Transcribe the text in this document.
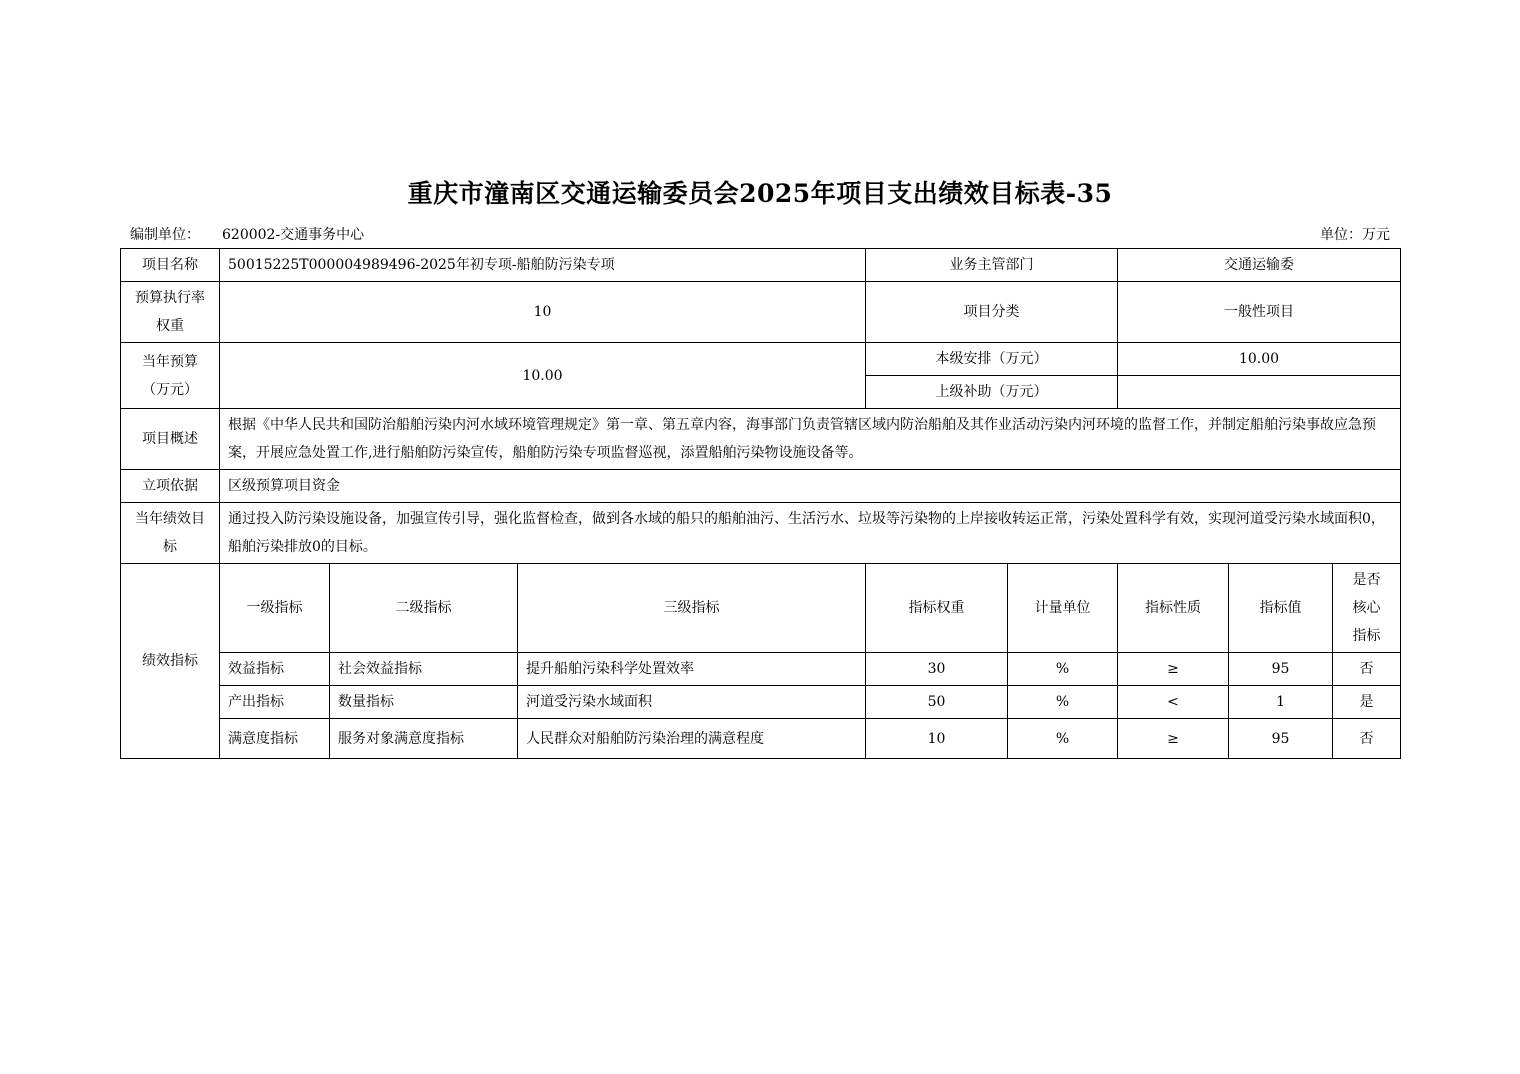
重庆市潼南区交通运输委员会2025年项目支出绩效目标表-35
编制单位： 620002-交通事务中心	单位：万元
项目名称	50015225T000004989496-2025年初专项-船舶防污染专项			业务主管部门		交通运输委		
预算执行率权重	10			项目分类		一般性项目		
当年预算（万元）	10.00			本级安排（万元）		10.00		
				上级补助（万元）				
项目概述	根据《中华人民共和国防治船舶污染内河水域环境管理规定》第一章、第五章内容，海事部门负责管辖区域内防治船舶及其作业活动污染内河环境的监督工作，并制定船舶污染事故应急预案，开展应急处置工作,进行船舶防污染宣传，船舶防污染专项监督巡视，添置船舶污染物设施设备等。							
立项依据	区级预算项目资金							
当年绩效目标	通过投入防污染设施设备，加强宣传引导，强化监督检查，做到各水域的船只的船舶油污、生活污水、垃圾等污染物的上岸接收转运正常，污染处置科学有效，实现河道受污染水域面积0，船舶污染排放0的目标。							
绩效指标	一级指标	二级指标	三级指标	指标权重	计量单位	指标性质	指标值	是否核心指标
	效益指标	社会效益指标	提升船舶污染科学处置效率	30	%	≥	95	否
	产出指标	数量指标	河道受污染水域面积	50	%	<	1	是
	满意度指标	服务对象满意度指标	人民群众对船舶防污染治理的满意程度	10	%	≥	95	否
